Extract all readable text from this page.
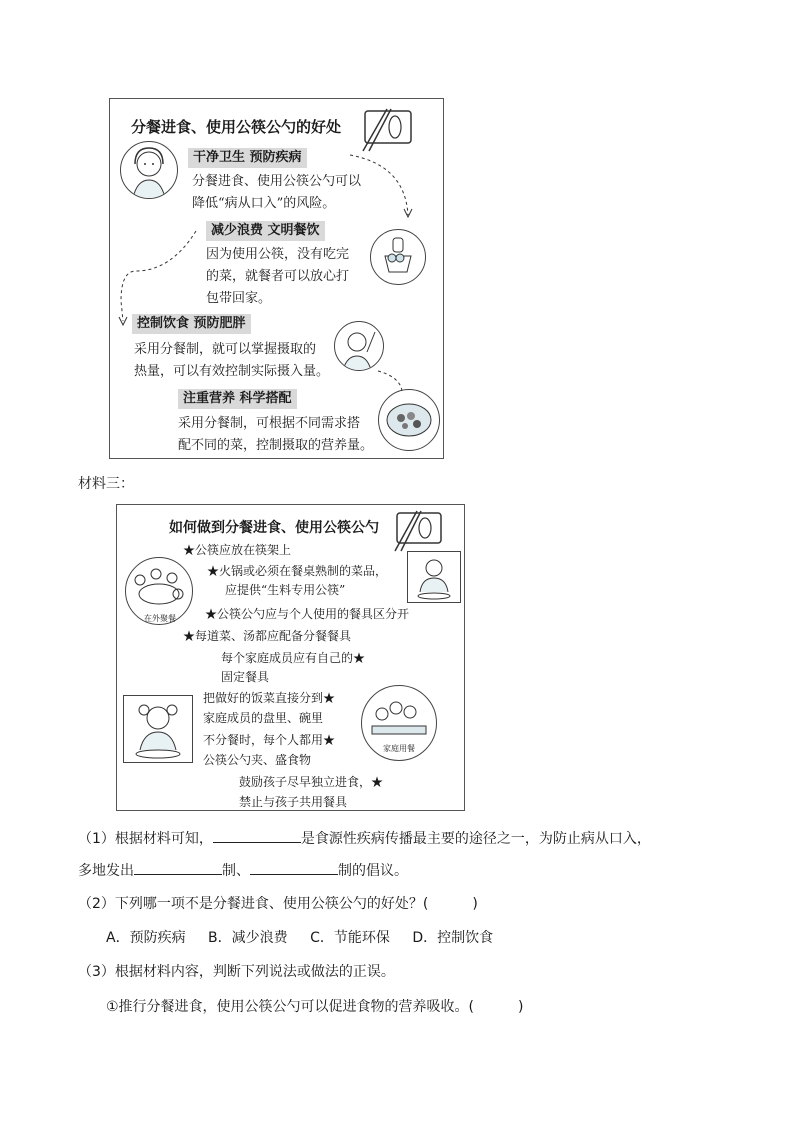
分餐进食、使用公筷公勺的好处
干净卫生 预防疾病
分餐进食、使用公筷公勺可以
降低“病从口入”的风险。
减少浪费 文明餐饮
因为使用公筷，没有吃完
的菜，就餐者可以放心打
包带回家。
控制饮食 预防肥胖
采用分餐制，就可以掌握摄取的
热量，可以有效控制实际摄入量。
注重营养 科学搭配
采用分餐制，可根据不同需求搭
配不同的菜，控制摄取的营养量。
材料三：
如何做到分餐进食、使用公筷公勺
在外聚餐
★公筷应放在筷架上
★火锅或必须在餐桌熟制的菜品，
应提供“生料专用公筷”
★公筷公勺应与个人使用的餐具区分开
★每道菜、汤都应配备分餐餐具
每个家庭成员应有自己的★
固定餐具
把做好的饭菜直接分到★
家庭成员的盘里、碗里
不分餐时，每个人都用★
公筷公勺夹、盛食物
家庭用餐
鼓励孩子尽早独立进食，★
禁止与孩子共用餐具
（1）根据材料可知，	是食源性疾病传播最主要的途径之一，为防止病从口入，
多地发出	制、	制的倡议。
（2）下列哪一项不是分餐进食、使用公筷公勺的好处？(	)
A．预防疾病 B．减少浪费 C．节能环保 D．控制饮食
（3）根据材料内容，判断下列说法或做法的正误。
①推行分餐进食，使用公筷公勺可以促进食物的营养吸收。(	)
